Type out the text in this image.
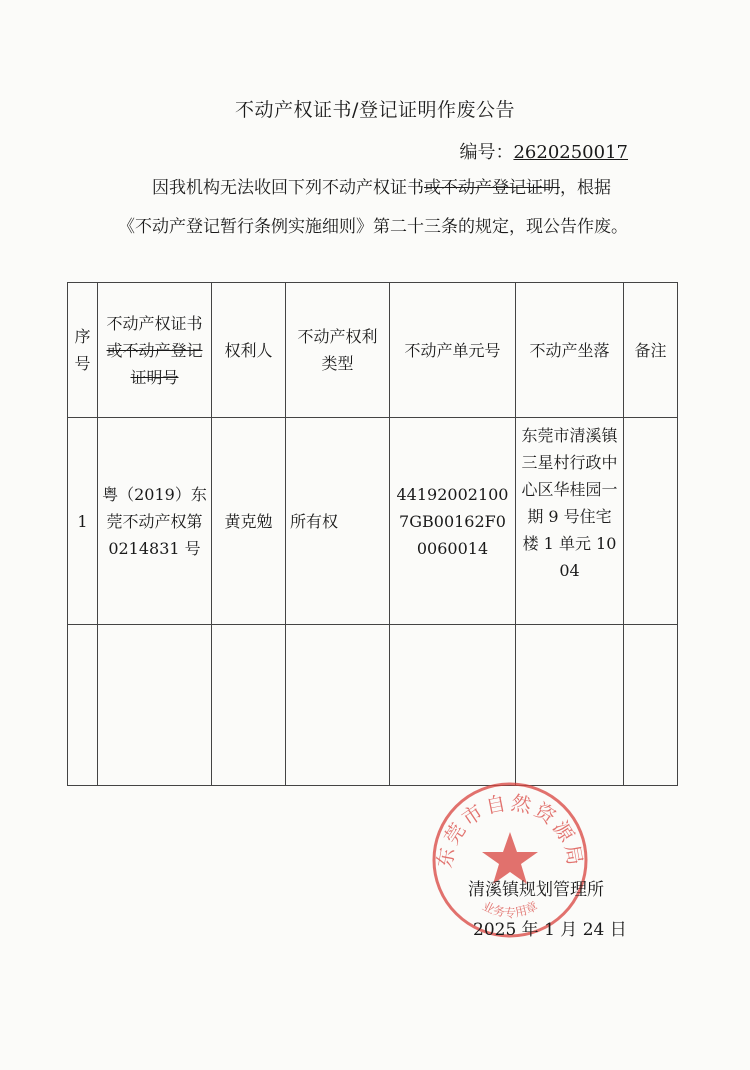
不动产权证书/登记证明作废公告
编号：2620250017
因我机构无法收回下列不动产权证书或不动产登记证明，根据
《不动产登记暂行条例实施细则》第二十三条的规定，现公告作废。
序号	不动产权证书或不动产登记证明号	权利人	不动产权利类型	不动产单元号	不动产坐落	备注
1	粤（2019）东莞不动产权第 0214831 号	黄克勉	所有权	441920021007GB00162F00060014	东莞市清溪镇三星村行政中心区华桂园一期 9 号住宅楼 1 单元 1004	

东莞市自然资源局
业务专用章
清溪镇规划管理所
2025 年 1 月 24 日
